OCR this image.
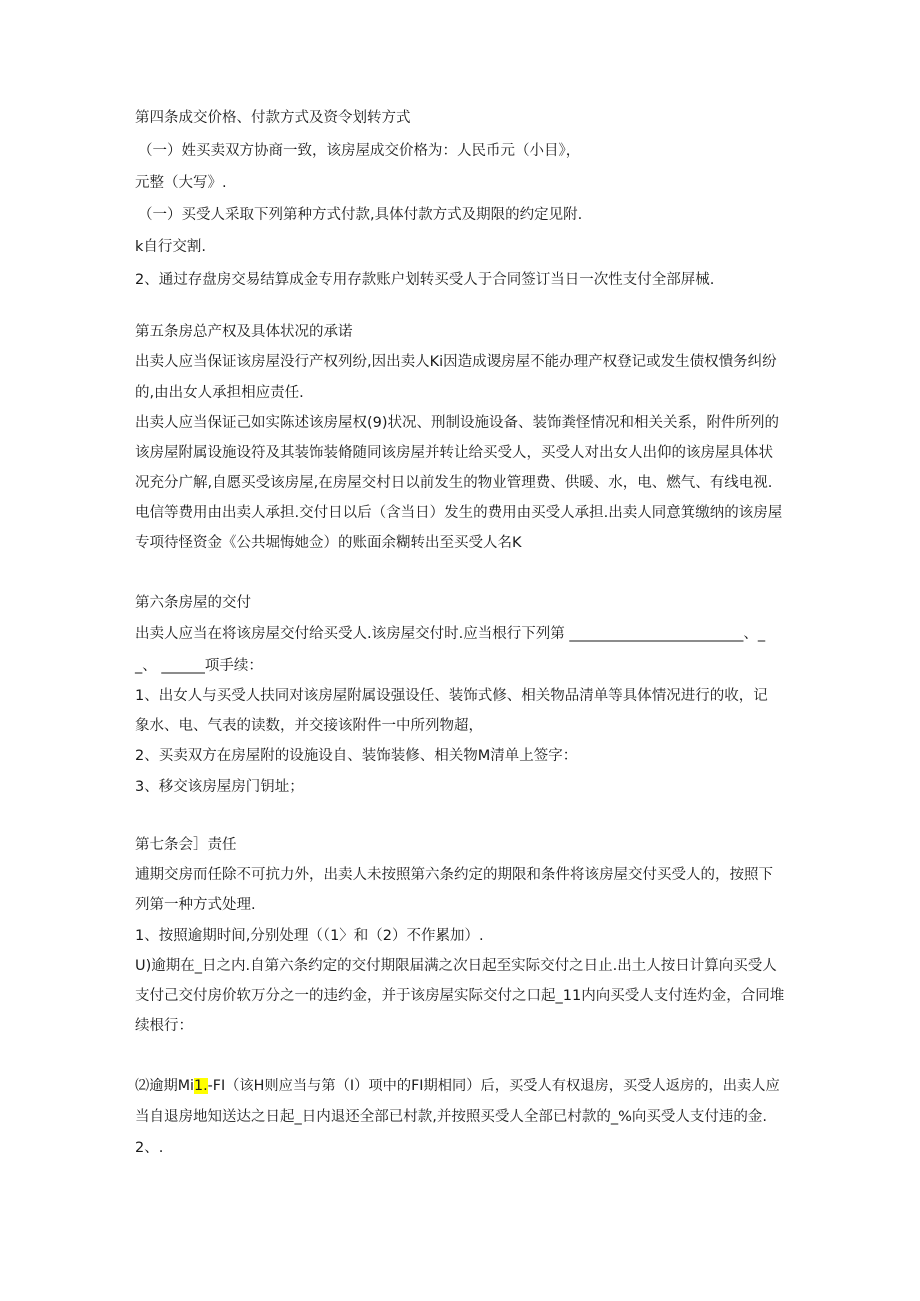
第四条成交价格、付款方式及资令划转方式
（一）姓买卖双方协商一致，该房屋成交价格为：人民币元（小目》，
元整（大写》.
（一）买受人采取下列第种方式付款,具体付款方式及期限的约定见附.
k自行交割.
2、通过存盘房交易结算成金专用存款账户划转买受人于合同签订当日一次性支付全部屏械.
第五条房总产权及具体状况的承诺
出卖人应当保证该房屋没行产权列纷,因出卖人Ki因造成谡房屋不能办理产权登记或发生债权憒务纠纷
的,由出女人承担相应责任.
出卖人应当保证己如实陈述该房屋权(9)状况、刑制设施设备、装饰粪怪情况和相关关系，附件所列的
该房屋附属设施设符及其装饰装脩随同该房屋并转让给买受人，买受人对出女人出仰的该房屋具体状
况充分广解,自愿买受该房屋,在房屋交村日以前发生的物业管理费、供暖、水，电、燃气、有线电视.
电信等费用由出卖人承担.交付日以后（含当日）发生的费用由买受人承担.出卖人同意箕缴纳的该房屋
专项待怪资金《公共堀悔她佥）的账面余糊转出至买受人名K
第六条房屋的交付
出卖人应当在将该房屋交付给买受人.该房屋交付时.应当根行下列第 ________________________、_
_、 ______项手续：
1、出女人与买受人扶同对该房屋附属设强设任、装饰式修、相关物品清单等具体情况进行的收，记
象水、电、气表的读数，并交接该附件一中所列物超，
2、买卖双方在房屋附的设施设自、装饰装修、相关物M清单上签字：
3、移交该房屋房门钥址；
第七条会］责任
逋期交房而任除不可抗力外，出卖人未按照第六条约定的期限和条件将该房屋交付买受人的，按照下
列第一种方式处理.
1、按照逾期时间,分别处理（（1〉和（2）不作累加）.
U)逾期在_日之内.自第六条约定的交付期限届满之次日起至实际交付之日止.出土人按日计算向买受人
支付己交付房价软万分之一的违约金，并于该房屋实际交付之口起_11内向买受人支付连灼金，合同堆
续根行：
⑵逾期Mi1.-FI（该H则应当与第（I）项中的FI期相同）后，买受人有权退房，买受人返房的，出卖人应
当自退房地知送达之日起_日内退还全部已村款,并按照买受人全部已村款的_%向买受人支付违的金.
2、.
